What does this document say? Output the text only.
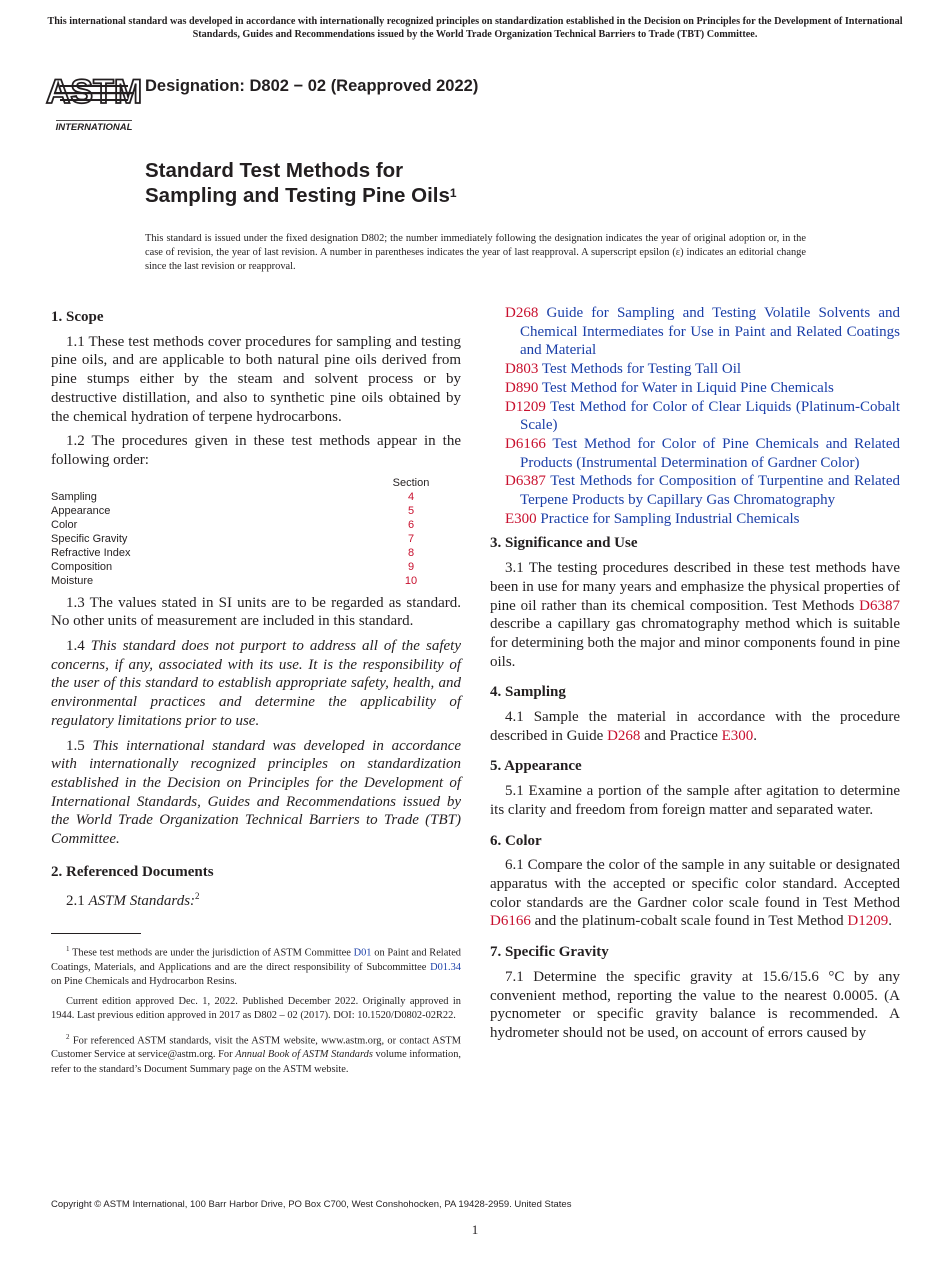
This international standard was developed in accordance with internationally recognized principles on standardization established in the Decision on Principles for the Development of International Standards, Guides and Recommendations issued by the World Trade Organization Technical Barriers to Trade (TBT) Committee.
ASTM
INTERNATIONAL
Designation: D802 − 02 (Reapproved 2022)
Standard Test Methods for
Sampling and Testing Pine Oils$^1$
This standard is issued under the fixed designation D802; the number immediately following the designation indicates the year of original adoption or, in the case of revision, the year of last revision. A number in parentheses indicates the year of last reapproval. A superscript epsilon (ε) indicates an editorial change since the last revision or reapproval.
1. Scope

1.1 These test methods cover procedures for sampling and testing pine oils, and are applicable to both natural pine oils derived from pine stumps either by the steam and solvent process or by destructive distillation, and also to synthetic pine oils obtained by the chemical hydration of terpene hydrocarbons.

1.2 The procedures given in these test methods appear in the following order:

	Section
Sampling	4
Appearance	5
Color	6
Specific Gravity	7
Refractive Index	8
Composition	9
Moisture	10

1.3 The values stated in SI units are to be regarded as standard. No other units of measurement are included in this standard.

1.4 This standard does not purport to address all of the safety concerns, if any, associated with its use. It is the responsibility of the user of this standard to establish appropriate safety, health, and environmental practices and determine the applicability of regulatory limitations prior to use.

1.5 This international standard was developed in accordance with internationally recognized principles on standardization established in the Decision on Principles for the Development of International Standards, Guides and Recommendations issued by the World Trade Organization Technical Barriers to Trade (TBT) Committee.

2. Referenced Documents

2.1 ASTM Standards:$^2$

$^1$ These test methods are under the jurisdiction of ASTM Committee D01 on Paint and Related Coatings, Materials, and Applications and are the direct responsibility of Subcommittee D01.34 on Pine Chemicals and Hydrocarbon Resins.

Current edition approved Dec. 1, 2022. Published December 2022. Originally approved in 1944. Last previous edition approved in 2017 as D802 – 02 (2017). DOI: 10.1520/D0802-02R22.

$^2$ For referenced ASTM standards, visit the ASTM website, www.astm.org, or contact ASTM Customer Service at service@astm.org. For Annual Book of ASTM Standards volume information, refer to the standard’s Document Summary page on the ASTM website.

D268 Guide for Sampling and Testing Volatile Solvents and Chemical Intermediates for Use in Paint and Related Coatings and Material
D803 Test Methods for Testing Tall Oil
D890 Test Method for Water in Liquid Pine Chemicals
D1209 Test Method for Color of Clear Liquids (Platinum-Cobalt Scale)
D6166 Test Method for Color of Pine Chemicals and Related Products (Instrumental Determination of Gardner Color)
D6387 Test Methods for Composition of Turpentine and Related Terpene Products by Capillary Gas Chromatography
E300 Practice for Sampling Industrial Chemicals
3. Significance and Use

3.1 The testing procedures described in these test methods have been in use for many years and emphasize the physical properties of pine oil rather than its chemical composition. Test Methods D6387 describe a capillary gas chromatography method which is suitable for determining both the major and minor components found in pine oils.

4. Sampling

4.1 Sample the material in accordance with the procedure described in Guide D268 and Practice E300.

5. Appearance

5.1 Examine a portion of the sample after agitation to determine its clarity and freedom from foreign matter and separated water.

6. Color

6.1 Compare the color of the sample in any suitable or designated apparatus with the accepted or specific color standard. Accepted color standards are the Gardner color scale found in Test Method D6166 and the platinum-cobalt scale found in Test Method D1209.

7. Specific Gravity

7.1 Determine the specific gravity at 15.6/15.6 °C by any convenient method, reporting the value to the nearest 0.0005. (A pycnometer or specific gravity balance is recommended. A hydrometer should not be used, on account of errors caused by

Copyright © ASTM International, 100 Barr Harbor Drive, PO Box C700, West Conshohocken, PA 19428-2959. United States
1
